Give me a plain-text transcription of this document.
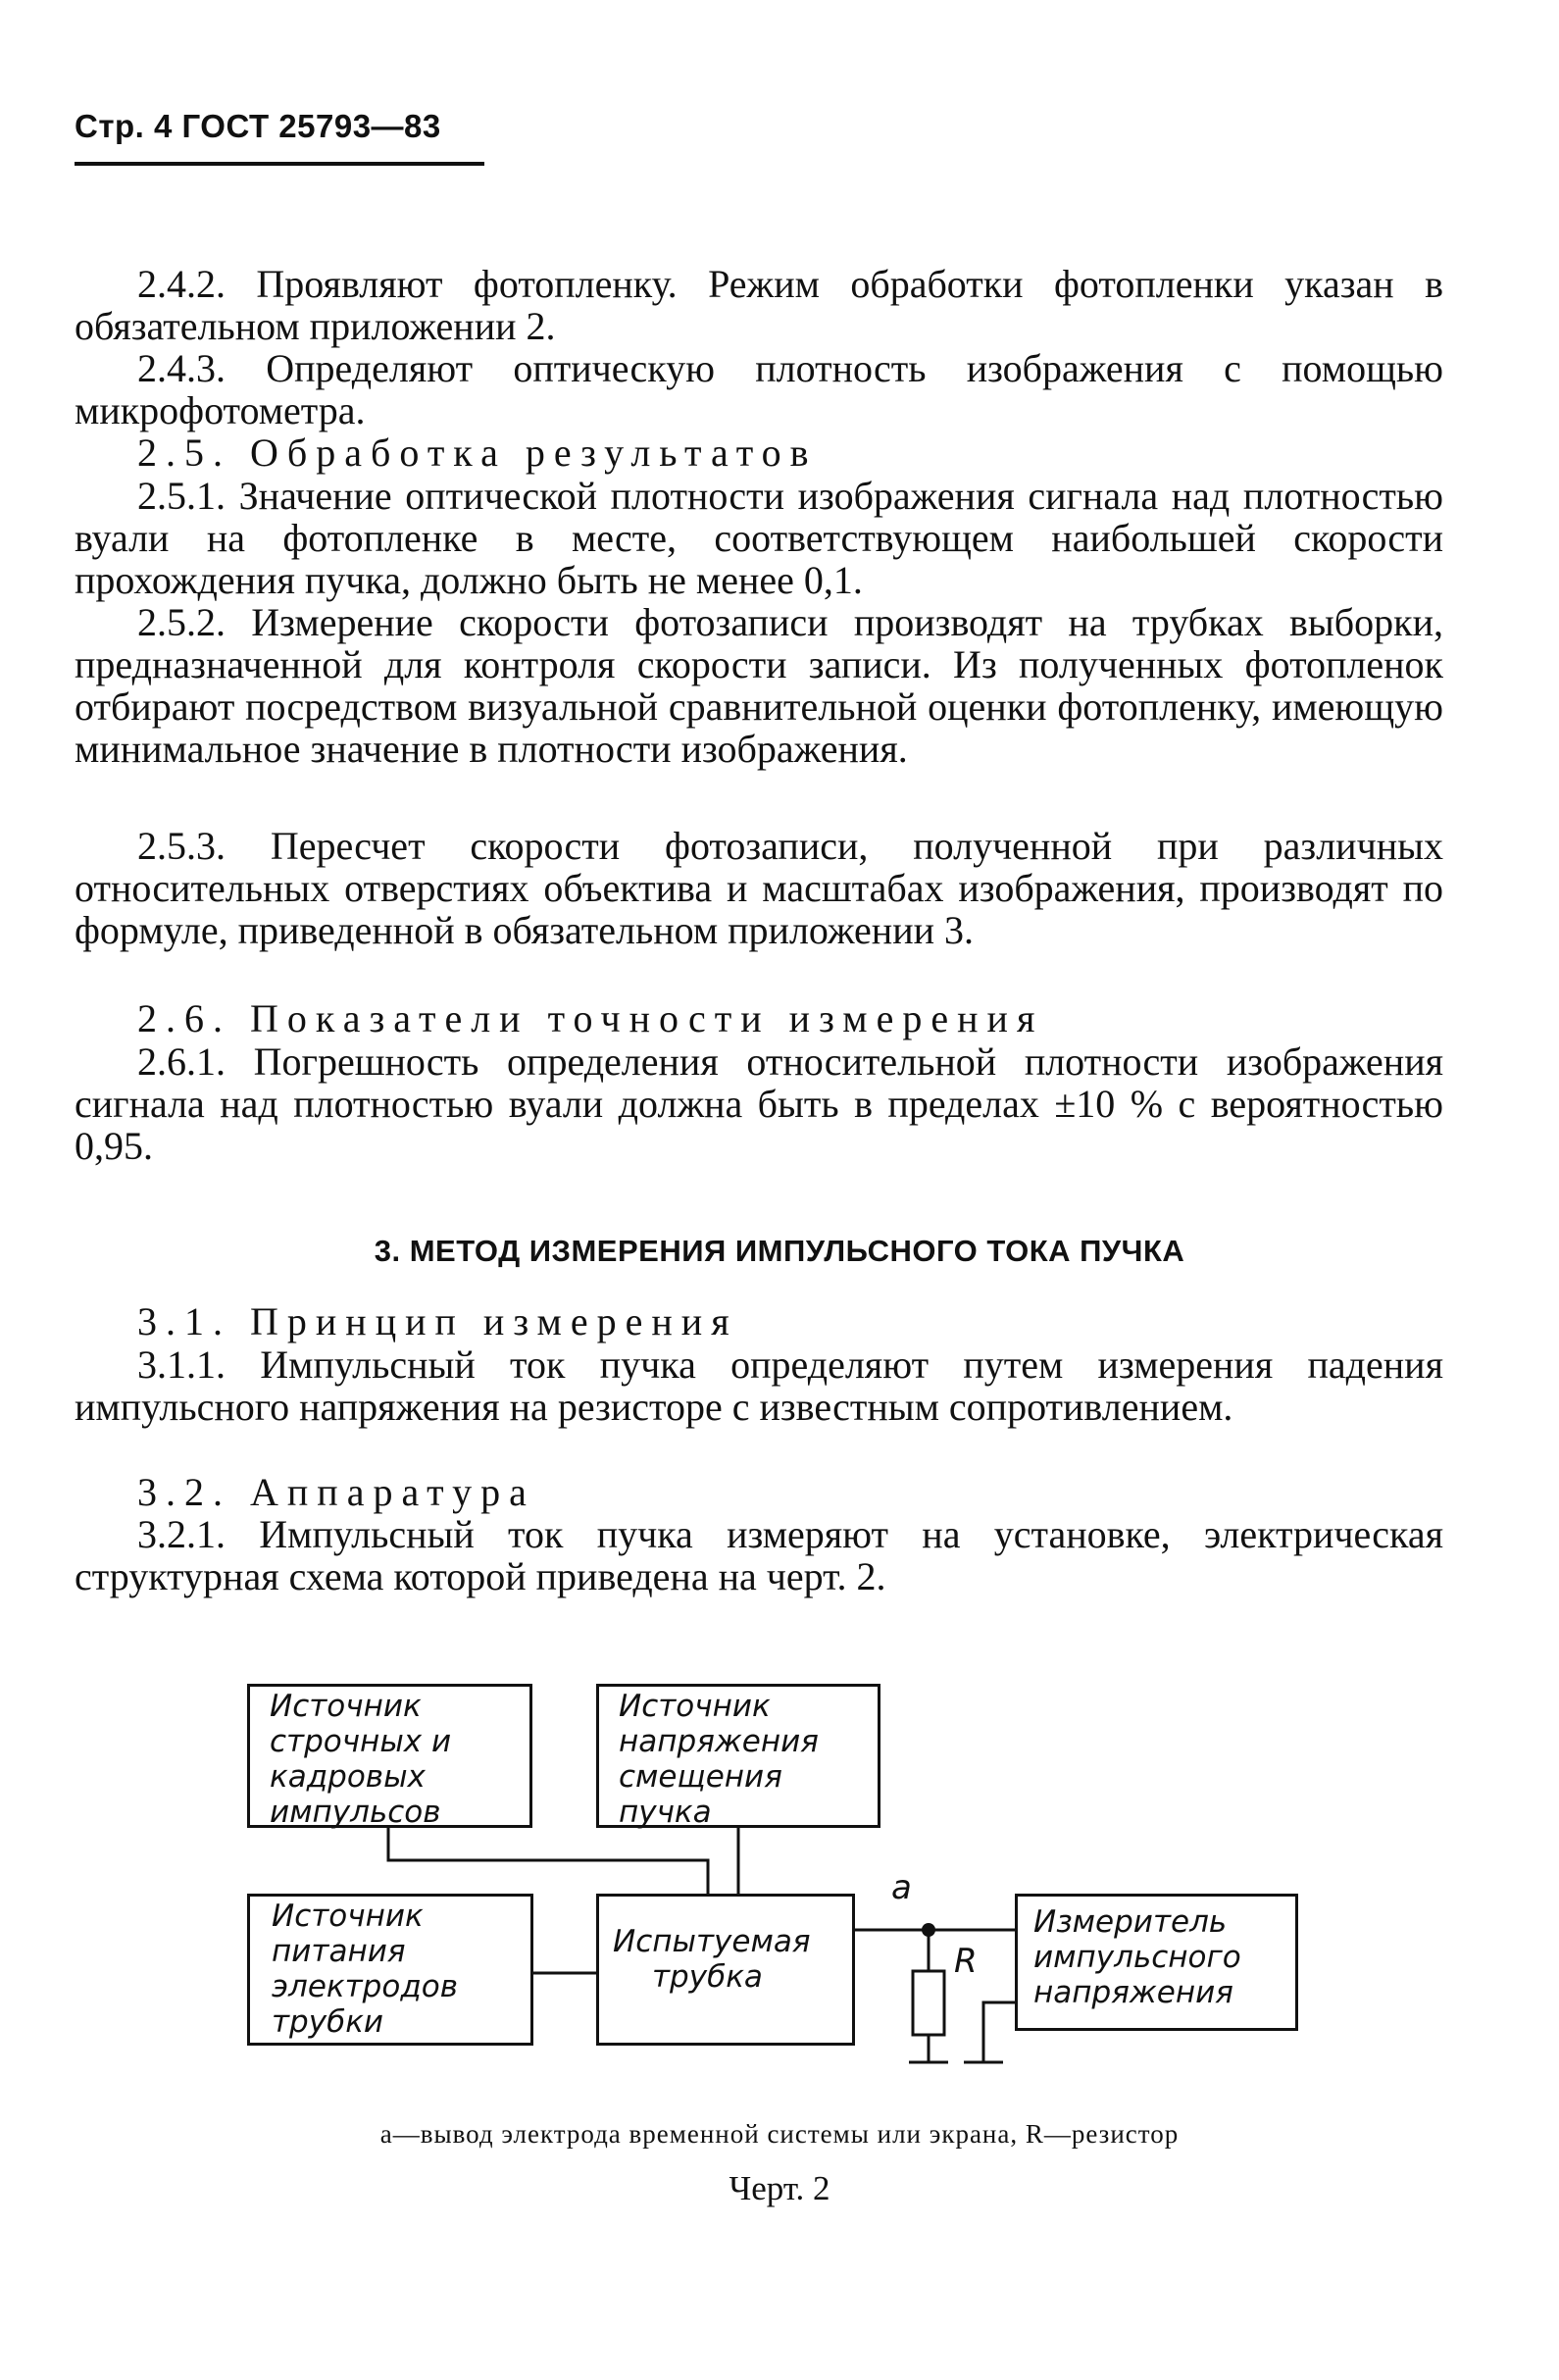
Стр. 4 ГОСТ 25793—83

2.4.2. Проявляют фотопленку. Режим обработки фотопленки указан в обязательном приложении 2.

2.4.3. Определяют оптическую плотность изображения с помощью микрофотометра.

2.5. Обработка результатов

2.5.1. Значение оптической плотности изображения сигнала над плотностью вуали на фотопленке в месте, соответствующем наибольшей скорости прохождения пучка, должно быть не менее 0,1.

2.5.2. Измерение скорости фотозаписи производят на трубках выборки, предназначенной для контроля скорости записи. Из полученных фотопленок отбирают посредством визуальной сравнительной оценки фотопленку, имеющую минимальное значение в плотности изображения.

2.5.3. Пересчет скорости фотозаписи, полученной при различных относительных отверстиях объектива и масштабах изображения, производят по формуле, приведенной в обязательном приложении 3.

2.6. Показатели точности измерения

2.6.1. Погрешность определения относительной плотности изображения сигнала над плотностью вуали должна быть в пределах ±10 % с вероятностью 0,95.

3. МЕТОД ИЗМЕРЕНИЯ ИМПУЛЬСНОГО ТОКА ПУЧКА

3.1. Принцип измерения

3.1.1. Импульсный ток пучка определяют путем измерения падения импульсного напряжения на резисторе с известным сопротивлением.

3.2. Аппаратура

3.2.1. Импульсный ток пучка измеряют на установке, электрическая структурная схема которой приведена на черт. 2.

a
R
Источник
строчных и
кадровых
импульсов
Источник
напряжения
смещения
пучка
Источник
питания
электродов
трубки
Испытуемая
трубка
Измеритель
импульсного
напряжения
а—вывод электрода временной системы или экрана, R—резистор
Черт. 2
